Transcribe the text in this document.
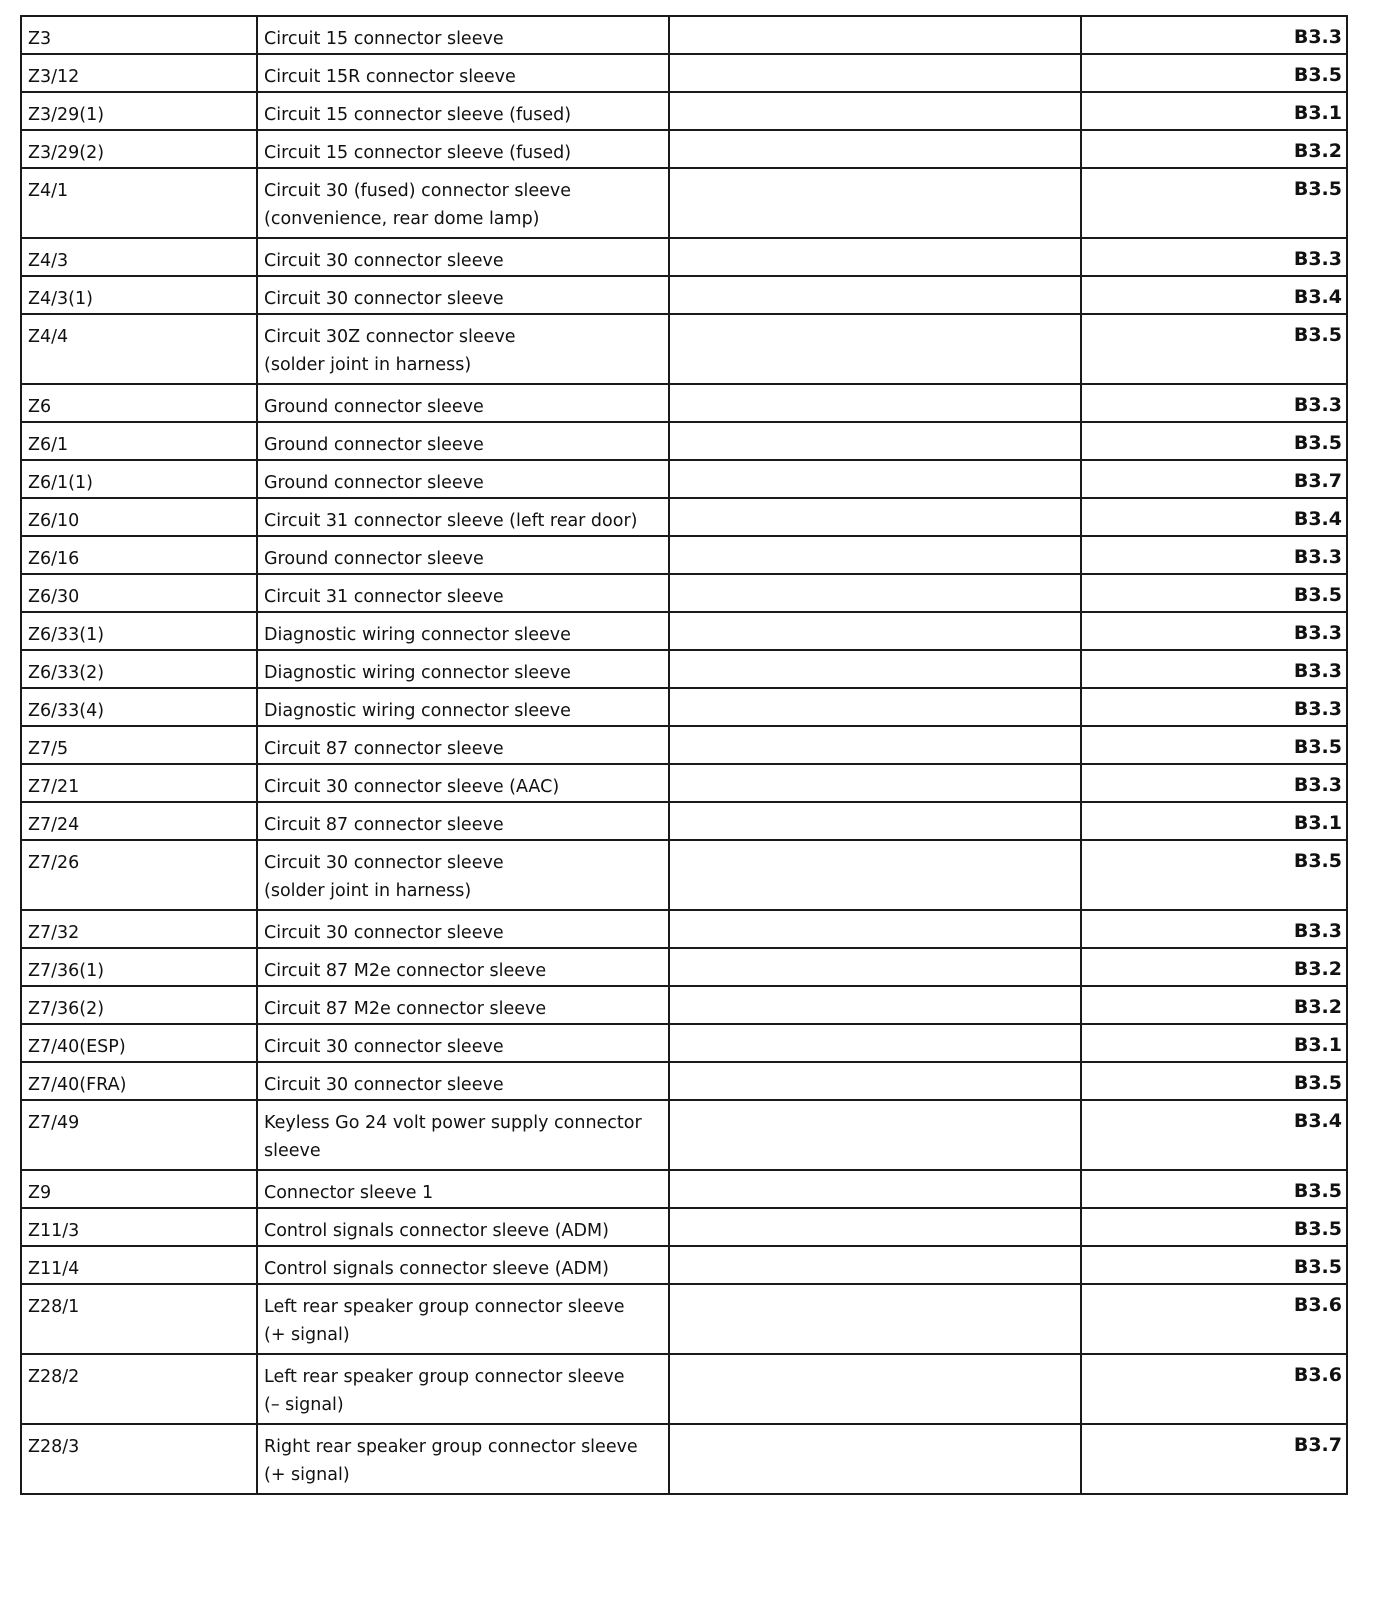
Z3	Circuit 15 connector sleeve		B3.3
Z3/12	Circuit 15R connector sleeve		B3.5
Z3/29(1)	Circuit 15 connector sleeve (fused)		B3.1
Z3/29(2)	Circuit 15 connector sleeve (fused)		B3.2
Z4/1	Circuit 30 (fused) connector sleeve
(convenience, rear dome lamp)		B3.5
Z4/3	Circuit 30 connector sleeve		B3.3
Z4/3(1)	Circuit 30 connector sleeve		B3.4
Z4/4	Circuit 30Z connector sleeve
(solder joint in harness)		B3.5
Z6	Ground connector sleeve		B3.3
Z6/1	Ground connector sleeve		B3.5
Z6/1(1)	Ground connector sleeve		B3.7
Z6/10	Circuit 31 connector sleeve (left rear door)		B3.4
Z6/16	Ground connector sleeve		B3.3
Z6/30	Circuit 31 connector sleeve		B3.5
Z6/33(1)	Diagnostic wiring connector sleeve		B3.3
Z6/33(2)	Diagnostic wiring connector sleeve		B3.3
Z6/33(4)	Diagnostic wiring connector sleeve		B3.3
Z7/5	Circuit 87 connector sleeve		B3.5
Z7/21	Circuit 30 connector sleeve (AAC)		B3.3
Z7/24	Circuit 87 connector sleeve		B3.1
Z7/26	Circuit 30 connector sleeve
(solder joint in harness)		B3.5
Z7/32	Circuit 30 connector sleeve		B3.3
Z7/36(1)	Circuit 87 M2e connector sleeve		B3.2
Z7/36(2)	Circuit 87 M2e connector sleeve		B3.2
Z7/40(ESP)	Circuit 30 connector sleeve		B3.1
Z7/40(FRA)	Circuit 30 connector sleeve		B3.5
Z7/49	Keyless Go 24 volt power supply connector
sleeve		B3.4
Z9	Connector sleeve 1		B3.5
Z11/3	Control signals connector sleeve (ADM)		B3.5
Z11/4	Control signals connector sleeve (ADM)		B3.5
Z28/1	Left rear speaker group connector sleeve
(+ signal)		B3.6
Z28/2	Left rear speaker group connector sleeve
(– signal)		B3.6
Z28/3	Right rear speaker group connector sleeve
(+ signal)		B3.7
